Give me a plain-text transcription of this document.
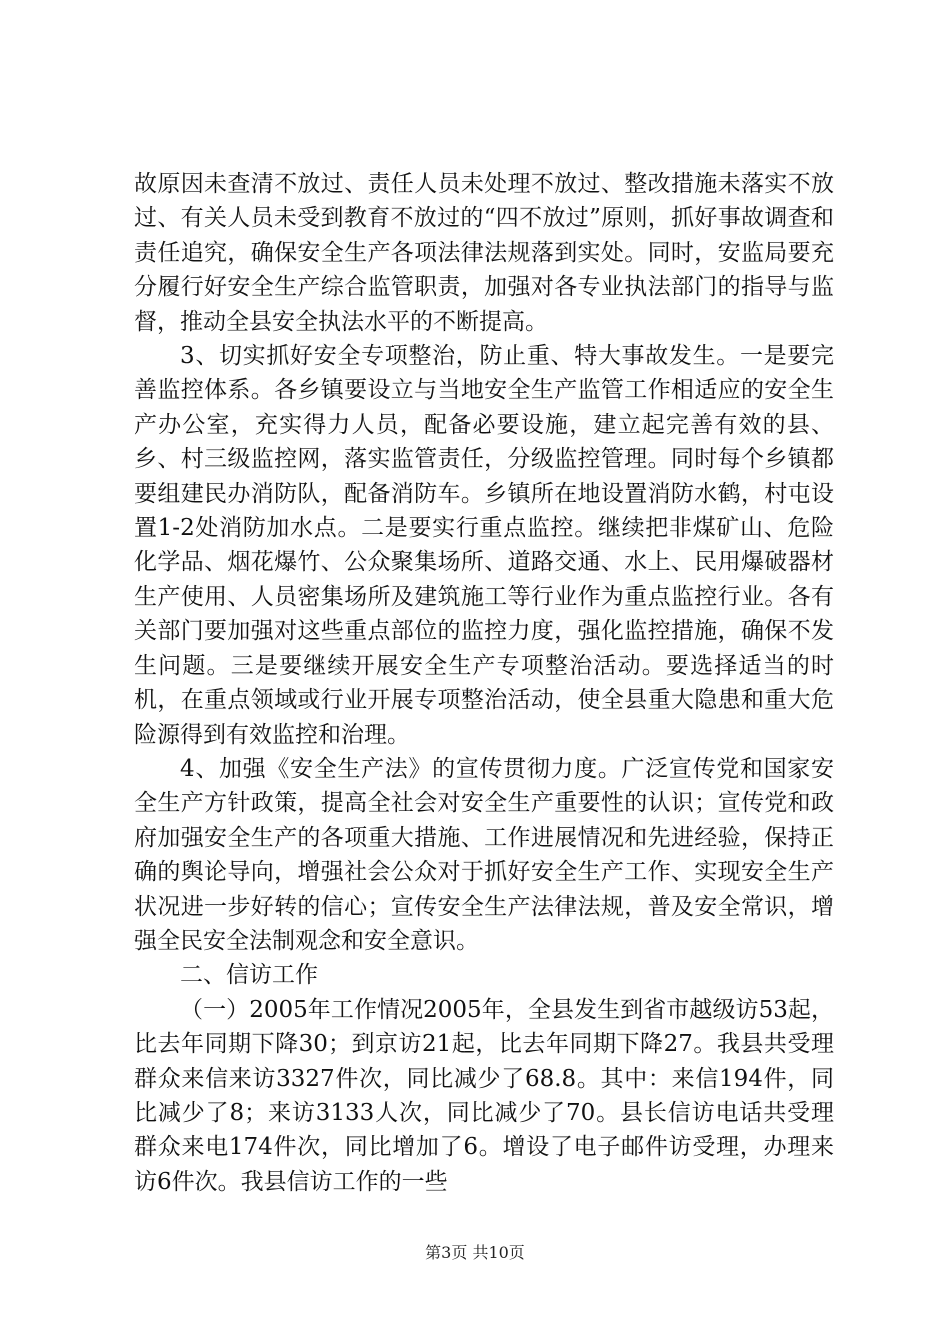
故原因未查清不放过、责任人员未处理不放过、整改措施未落实不放过、有关人员未受到教育不放过的“四不放过”原则，抓好事故调查和责任追究，确保安全生产各项法律法规落到实处。同时，安监局要充分履行好安全生产综合监管职责，加强对各专业执法部门的指导与监督，推动全县安全执法水平的不断提高。

3、切实抓好安全专项整治，防止重、特大事故发生。一是要完善监控体系。各乡镇要设立与当地安全生产监管工作相适应的安全生产办公室，充实得力人员，配备必要设施，建立起完善有效的县、乡、村三级监控网，落实监管责任，分级监控管理。同时每个乡镇都要组建民办消防队，配备消防车。乡镇所在地设置消防水鹤，村屯设置1-2处消防加水点。二是要实行重点监控。继续把非煤矿山、危险化学品、烟花爆竹、公众聚集场所、道路交通、水上、民用爆破器材生产使用、人员密集场所及建筑施工等行业作为重点监控行业。各有关部门要加强对这些重点部位的监控力度，强化监控措施，确保不发生问题。三是要继续开展安全生产专项整治活动。要选择适当的时机，在重点领域或行业开展专项整治活动，使全县重大隐患和重大危险源得到有效监控和治理。

4、加强《安全生产法》的宣传贯彻力度。广泛宣传党和国家安全生产方针政策，提高全社会对安全生产重要性的认识；宣传党和政府加强安全生产的各项重大措施、工作进展情况和先进经验，保持正确的舆论导向，增强社会公众对于抓好安全生产工作、实现安全生产状况进一步好转的信心；宣传安全生产法律法规，普及安全常识，增强全民安全法制观念和安全意识。

二、信访工作

（一）2005年工作情况2005年，全县发生到省市越级访53起，比去年同期下降30；到京访21起，比去年同期下降27。我县共受理群众来信来访3327件次，同比减少了68.8。其中：来信194件，同比减少了8；来访3133人次，同比减少了70。县长信访电话共受理群众来电174件次，同比增加了6。增设了电子邮件访受理，办理来访6件次。我县信访工作的一些

第3页 共10页
